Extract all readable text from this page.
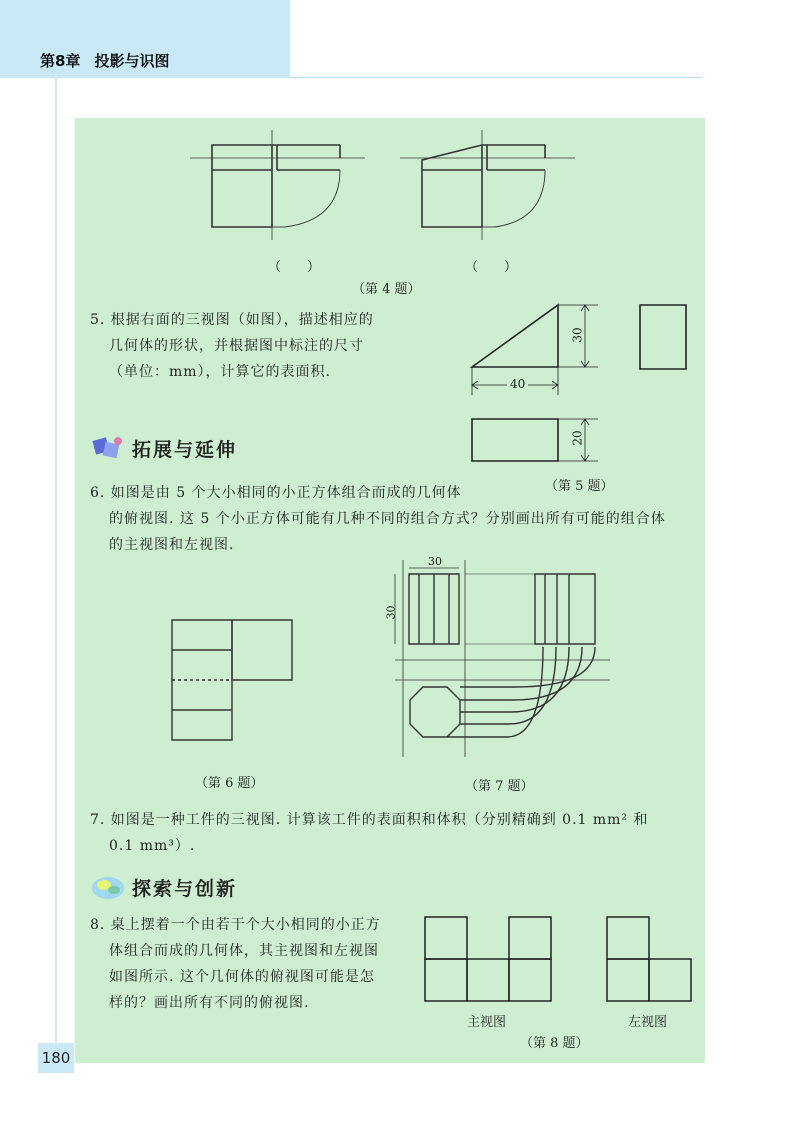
第8章 投影与识图
180
（　　）	（　　）
（第 4 题）
5. 根据右面的三视图（如图），描述相应的
几何体的形状，并根据图中标注的尺寸
（单位：mm），计算它的表面积.
30
40
20
（第 5 题）
拓展与延伸
6. 如图是由 5 个大小相同的小正方体组合而成的几何体
的俯视图. 这 5 个小正方体可能有几种不同的组合方式？分别画出所有可能的组合体
的主视图和左视图.
（第 6 题）
30
30
（第 7 题）
7. 如图是一种工件的三视图. 计算该工件的表面积和体积（分别精确到 0.1 mm² 和
0.1 mm³）.
探索与创新
8. 桌上摆着一个由若干个大小相同的小正方
体组合而成的几何体，其主视图和左视图
如图所示. 这个几何体的俯视图可能是怎
样的？画出所有不同的俯视图.
主视图	左视图
（第 8 题）
